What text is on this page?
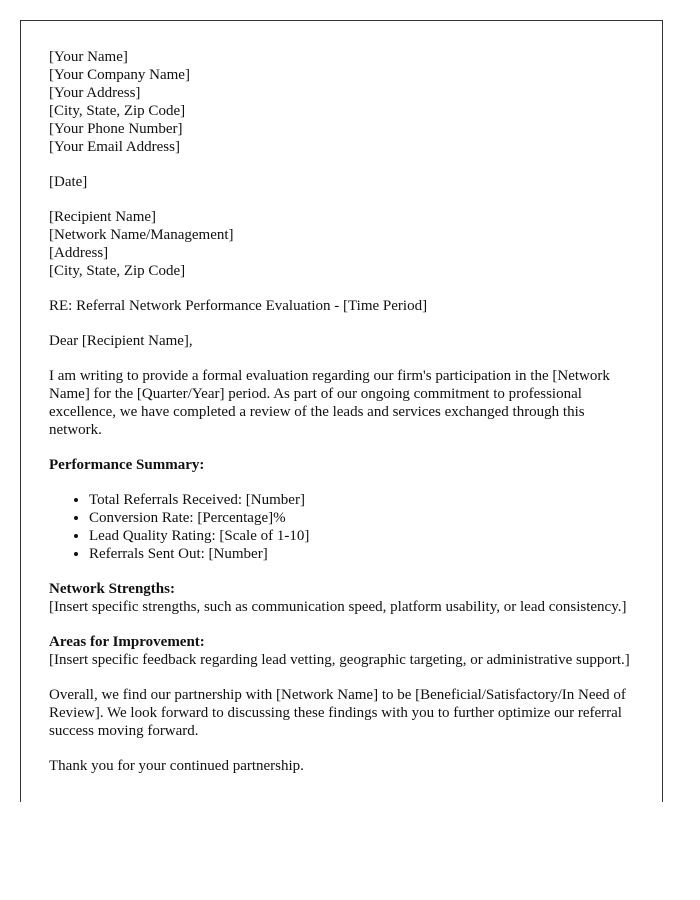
[Your Name]
[Your Company Name]
[Your Address]
[City, State, Zip Code]
[Your Phone Number]
[Your Email Address]

[Date]

[Recipient Name]
[Network Name/Management]
[Address]
[City, State, Zip Code]

RE: Referral Network Performance Evaluation - [Time Period]

Dear [Recipient Name],

I am writing to provide a formal evaluation regarding our firm's participation in the [Network Name] for the [Quarter/Year] period. As part of our ongoing commitment to professional excellence, we have completed a review of the leads and services exchanged through this network.

Performance Summary:

• Total Referrals Received: [Number]
• Conversion Rate: [Percentage]%
• Lead Quality Rating: [Scale of 1-10]
• Referrals Sent Out: [Number]

Network Strengths:
[Insert specific strengths, such as communication speed, platform usability, or lead consistency.]

Areas for Improvement:
[Insert specific feedback regarding lead vetting, geographic targeting, or administrative support.]

Overall, we find our partnership with [Network Name] to be [Beneficial/Satisfactory/In Need of Review]. We look forward to discussing these findings with you to further optimize our referral success moving forward.

Thank you for your continued partnership.
